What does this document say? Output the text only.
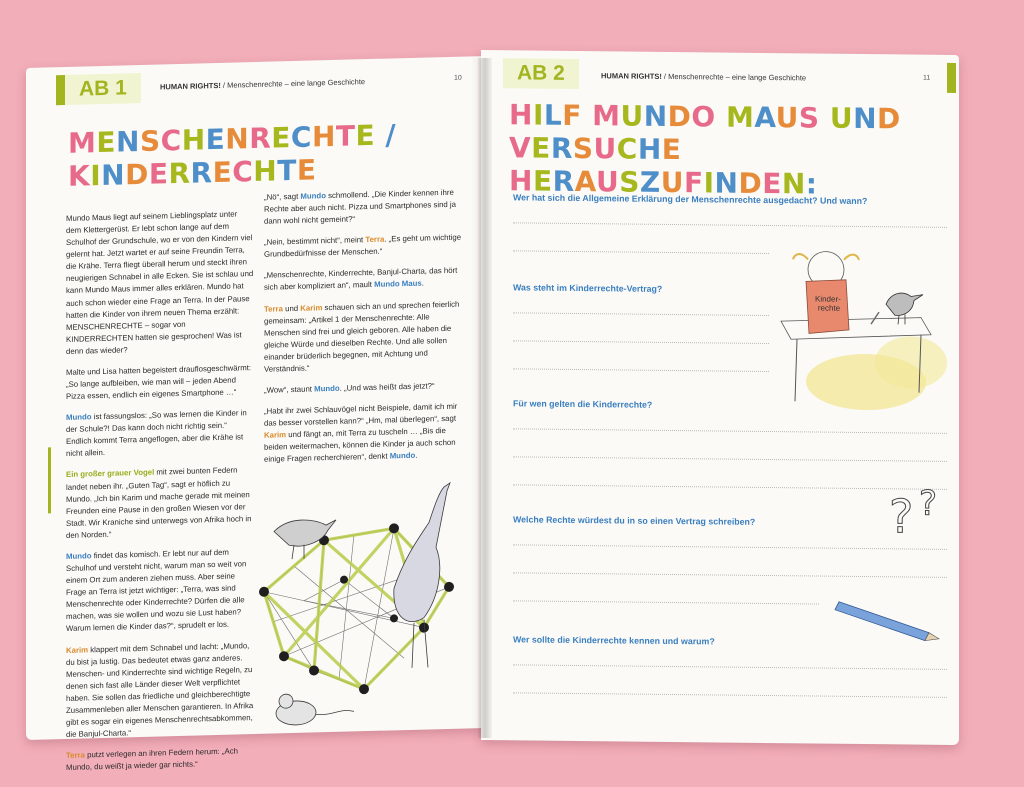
AB 1	HUMAN RIGHTS! / Menschenrechte – eine lange Geschichte	10
MENSCHENRECHTE /
KINDERRECHTE

Mundo Maus liegt auf seinem Lieblingsplatz unter dem Klettergerüst. Er lebt schon lange auf dem Schulhof der Grundschule, wo er von den Kindern viel gelernt hat. Jetzt wartet er auf seine Freundin Terra, die Krähe. Terra fliegt überall herum und steckt ihren neugierigen Schnabel in alle Ecken. Sie ist schlau und kann Mundo Maus immer alles erklären. Mundo hat auch schon wieder eine Frage an Terra. In der Pause hatten die Kinder von ihrem neuen Thema erzählt: MENSCHENRECHTE – sogar von KINDERRECHTEN hatten sie gesprochen! Was ist denn das wieder?

Malte und Lisa hatten begeistert drauflosgeschwärmt: „So lange aufbleiben, wie man will – jeden Abend Pizza essen, endlich ein eigenes Smartphone …“

Mundo ist fassungslos: „So was lernen die Kinder in der Schule?! Das kann doch nicht richtig sein.“ Endlich kommt Terra angeflogen, aber die Krähe ist nicht allein.

Ein großer grauer Vogel mit zwei bunten Federn landet neben ihr. „Guten Tag“, sagt er höflich zu Mundo. „Ich bin Karim und mache gerade mit meinen Freunden eine Pause in den großen Wiesen vor der Stadt. Wir Kraniche sind unterwegs von Afrika hoch in den Norden.“

Mundo findet das komisch. Er lebt nur auf dem Schulhof und versteht nicht, warum man so weit von einem Ort zum anderen ziehen muss. Aber seine Frage an Terra ist jetzt wichtiger: „Terra, was sind Menschenrechte oder Kinderrechte? Dürfen die alle machen, was sie wollen und wozu sie Lust haben? Warum lernen die Kinder das?“, sprudelt er los.

Karim klappert mit dem Schnabel und lacht: „Mundo, du bist ja lustig. Das bedeutet etwas ganz anderes. Menschen- und Kinderrechte sind wichtige Regeln, zu denen sich fast alle Länder dieser Welt verpflichtet haben. Sie sollen das friedliche und gleichberechtigte Zusammenleben aller Menschen garantieren. In Afrika gibt es sogar ein eigenes Menschenrechtsabkommen, die Banjul-Charta.“

Terra putzt verlegen an ihren Federn herum: „Ach Mundo, du weißt ja wieder gar nichts.“

„Nö“, sagt Mundo schmollend. „Die Kinder kennen ihre Rechte aber auch nicht. Pizza und Smartphones sind ja dann wohl nicht gemeint?“

„Nein, bestimmt nicht“, meint Terra. „Es geht um wichtige Grundbedürfnisse der Menschen.“

„Menschenrechte, Kinderrechte, Banjul-Charta, das hört sich aber kompliziert an“, mault Mundo Maus.

Terra und Karim schauen sich an und sprechen feierlich gemeinsam: „Artikel 1 der Menschenrechte: Alle Menschen sind frei und gleich geboren. Alle haben die gleiche Würde und dieselben Rechte. Und alle sollen einander brüderlich begegnen, mit Achtung und Verständnis.“

„Wow“, staunt Mundo. „Und was heißt das jetzt?“

„Habt ihr zwei Schlauvögel nicht Beispiele, damit ich mir das besser vorstellen kann?“ „Hm, mal überlegen“, sagt Karim und fängt an, mit Terra zu tuscheln … „Bis die beiden weitermachen, können die Kinder ja auch schon einige Fragen recherchieren“, denkt Mundo.

AB 2	HUMAN RIGHTS! / Menschenrechte – eine lange Geschichte	11
HILF MUNDO MAUS UND
VERSUCHE HERAUSZUFINDEN:
Wer hat sich die Allgemeine Erklärung der Menschenrechte ausgedacht? Und wann?
Was steht im Kinderrechte-Vertrag?
Für wen gelten die Kinderrechte?
Welche Rechte würdest du in so einen Vertrag schreiben?
Wer sollte die Kinderrechte kennen und warum?
Kinder- rechte
? ?
